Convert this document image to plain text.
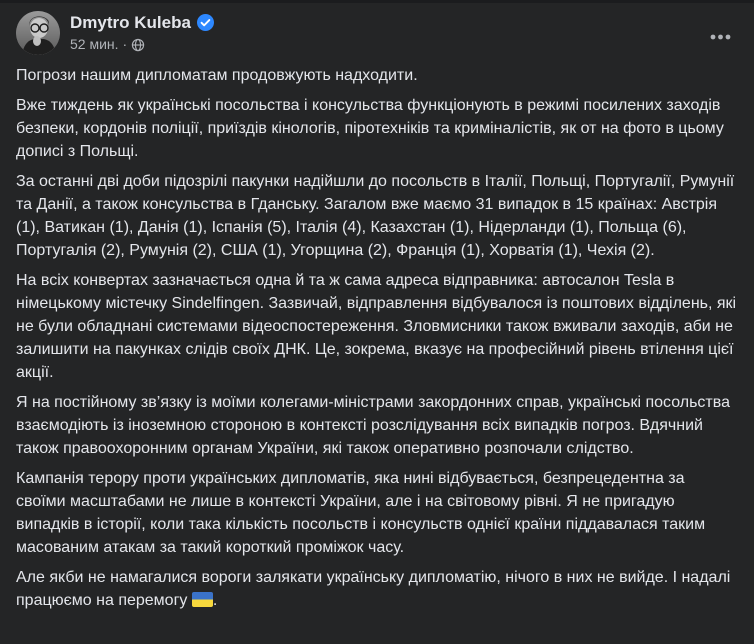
Dmytro Kuleba
52 мин. ·

Погрози нашим дипломатам продовжують надходити.

Вже тиждень як українські посольства і консульства функціонують в режимі посилених заходів безпеки, кордонів поліції, приїздів кінологів, піротехніків та криміналістів, як от на фото в цьому дописі з Польщі.

За останні дві доби підозрілі пакунки надійшли до посольств в Італії, Польщі, Португалії, Румунії та Данії, а також консульства в Гданську. Загалом вже маємо 31 випадок в 15 країнах: Австрія (1), Ватикан (1), Данія (1), Іспанія (5), Італія (4), Казахстан (1), Нідерланди (1), Польща (6), Португалія (2), Румунія (2), США (1), Угорщина (2), Франція (1), Хорватія (1), Чехія (2).

На всіх конвертах зазначається одна й та ж сама адреса відправника: автосалон Tesla в німецькому містечку Sindelfingen. Зазвичай, відправлення відбувалося із поштових відділень, які не були обладнані системами відеоспостереження. Зловмисники також вживали заходів, аби не залишити на пакунках слідів своїх ДНК. Це, зокрема, вказує на професійний рівень втілення цієї акції.

Я на постійному зв’язку із моїми колегами-міністрами закордонних справ, українські посольства взаємодіють із іноземною стороною в контексті розслідування всіх випадків погроз. Вдячний також правоохоронним органам України, які також оперативно розпочали слідство.

Кампанія терору проти українських дипломатів, яка нині відбувається, безпрецедентна за своїми масштабами не лише в контексті України, але і на світовому рівні. Я не пригадую випадків в історії, коли така кількість посольств і консульств однієї країни піддавалася таким масованим атакам за такий короткий проміжок часу.

Але якби не намагалися вороги залякати українську дипломатію, нічого в них не вийде. І надалі працюємо на перемогу .
